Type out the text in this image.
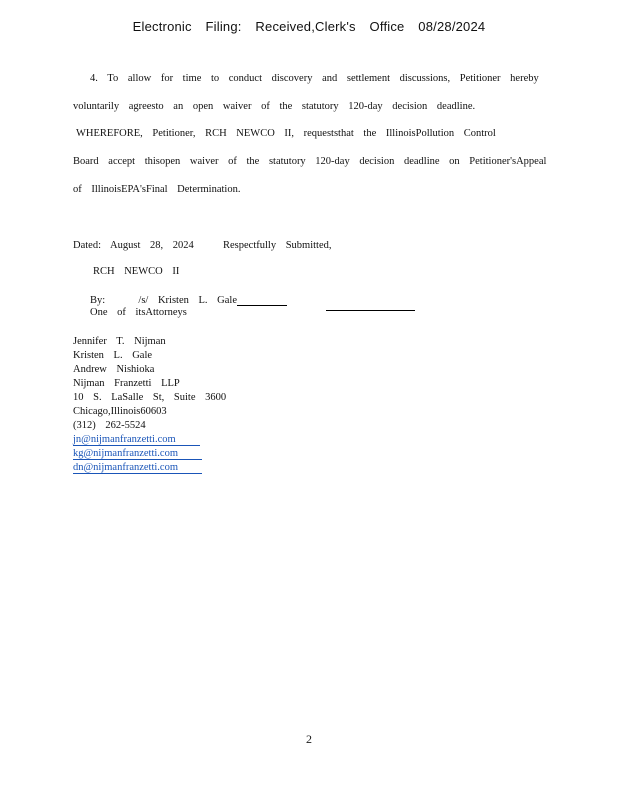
Electronic Filing: Received,Clerk's Office 08/28/2024
4. To allow for time to conduct discovery and settlement discussions, Petitioner hereby
voluntarily agreesto an open waiver of the statutory 120-day decision deadline.
WHEREFORE, Petitioner, RCH NEWCO II, requeststhat the IllinoisPollution Control
Board accept thisopen waiver of the statutory 120-day decision deadline on Petitioner'sAppeal
of IllinoisEPA'sFinal Determination.
Dated: August 28, 2024	Respectfully Submitted,
RCH NEWCO II
By:	/s/ Kristen L. Gale
One of itsAttorneys
Jennifer T. Nijman
Kristen L. Gale
Andrew Nishioka
Nijman Franzetti LLP
10 S. LaSalle St, Suite 3600
Chicago,Illinois60603
(312) 262-5524
jn@nijmanfranzetti.com
kg@nijmanfranzetti.com
dn@nijmanfranzetti.com
2
